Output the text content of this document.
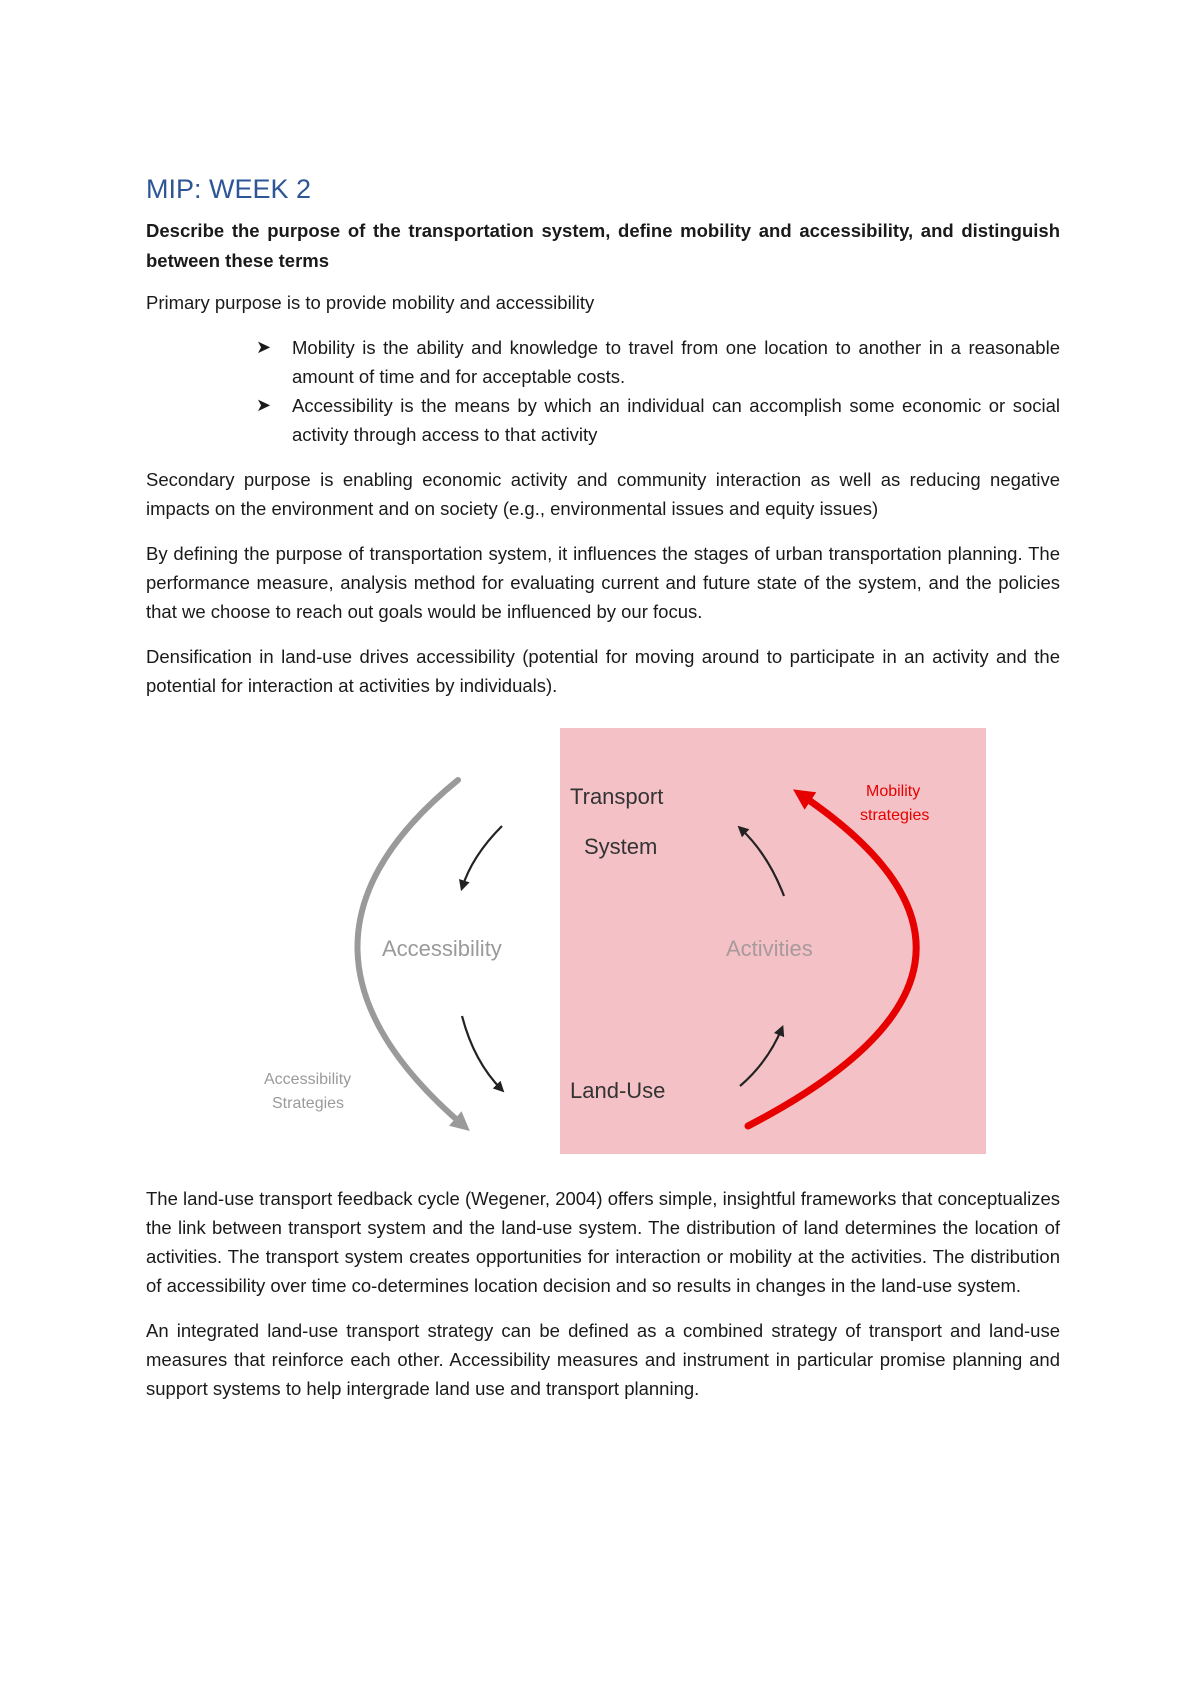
MIP: WEEK 2
Describe the purpose of the transportation system, define mobility and accessibility, and distinguish between these terms

Primary purpose is to provide mobility and accessibility

➤ Mobility is the ability and knowledge to travel from one location to another in a reasonable amount of time and for acceptable costs.
➤ Accessibility is the means by which an individual can accomplish some economic or social activity through access to that activity

Secondary purpose is enabling economic activity and community interaction as well as reducing negative impacts on the environment and on society (e.g., environmental issues and equity issues)

By defining the purpose of transportation system, it influences the stages of urban transportation planning. The performance measure, analysis method for evaluating current and future state of the system, and the policies that we choose to reach out goals would be influenced by our focus.

Densification in land-use drives accessibility (potential for moving around to participate in an activity and the potential for interaction at activities by individuals).

Transport
System
Accessibility	Activities
Land-Use
Mobility
strategies
Accessibility
Strategies

The land-use transport feedback cycle (Wegener, 2004) offers simple, insightful frameworks that conceptualizes the link between transport system and the land-use system. The distribution of land determines the location of activities. The transport system creates opportunities for interaction or mobility at the activities. The distribution of accessibility over time co-determines location decision and so results in changes in the land-use system.

An integrated land-use transport strategy can be defined as a combined strategy of transport and land-use measures that reinforce each other. Accessibility measures and instrument in particular promise planning and support systems to help intergrade land use and transport planning.
